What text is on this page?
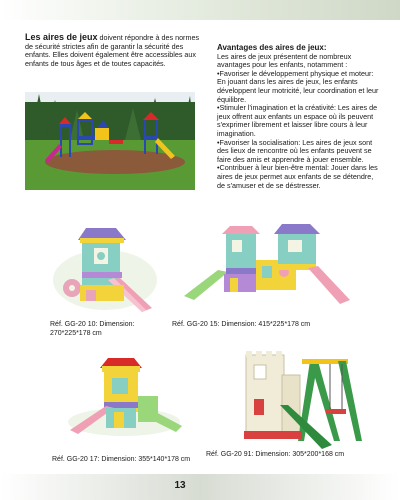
Les aires de jeux doivent répondre à des normes de sécurité strictes afin de garantir la sécurité des enfants. Elles doivent également être accessibles aux enfants de tous âges et de toutes capacités.
Avantages des aires de jeux:
Les aires de jeux présentent de nombreux avantages pour les enfants, notamment :
•Favoriser le développement physique et moteur: En jouant dans les aires de jeux, les enfants développent leur motricité, leur coordination et leur équilibre.
•Stimuler l'imagination et la créativité: Les aires de jeux offrent aux enfants un espace où ils peuvent s'exprimer librement et laisser libre cours à leur imagination.
•Favoriser la socialisation: Les aires de jeux sont des lieux de rencontre où les enfants peuvent se faire des amis et apprendre à jouer ensemble.
•Contribuer à leur bien-être mental: Jouer dans les aires de jeux permet aux enfants de se détendre, de s'amuser et de se déstresser.
Réf. GG-20 10: Dimension: 270*225*178 cm
Réf. GG-20 15: Dimension: 415*225*178 cm
Réf. GG-20 17: Dimension: 355*140*178 cm
Réf. GG-20 91: Dimension: 305*200*168 cm
13
